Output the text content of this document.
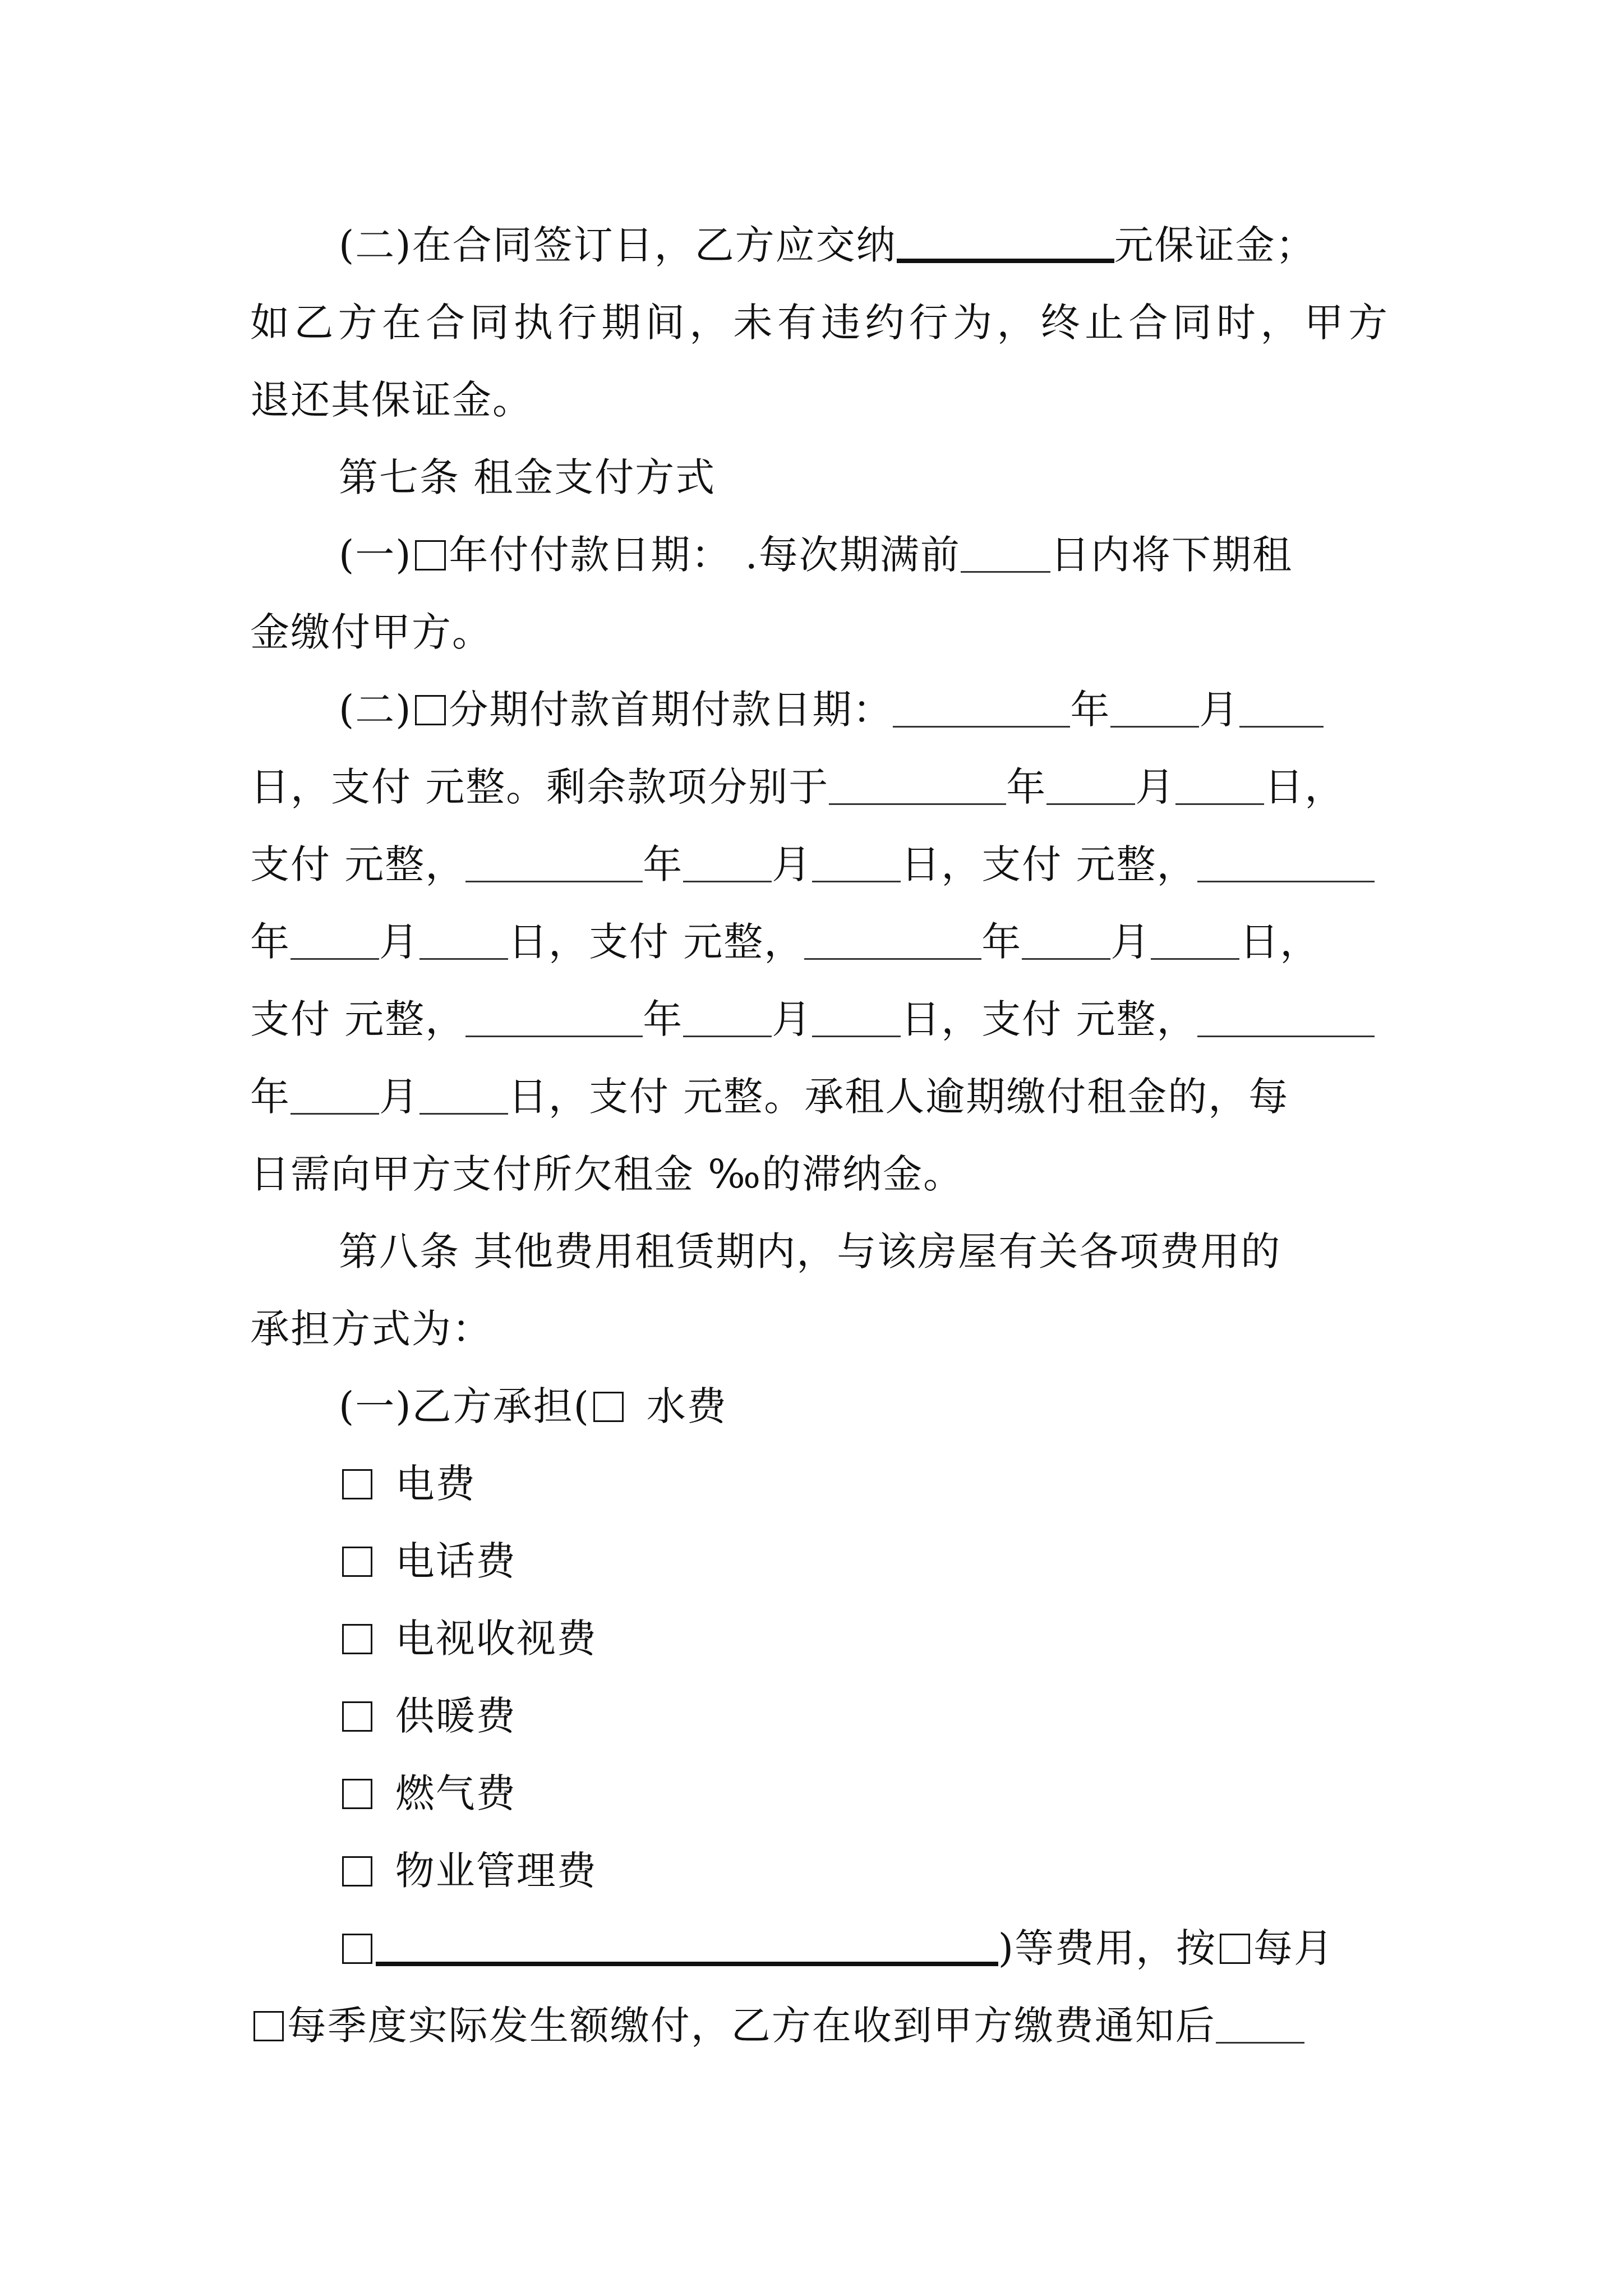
(二)在合同签订日，乙方应交纳	元保证金；
如乙方在合同执行期间，未有违约行为，终止合同时，甲方
退还其保证金。
第七条 租金支付方式
(一) 年付付款日期： .每次期满前 日内将下期租
金缴付甲方。
(二) 分期付款首期付款日期：	年 月
日，支付 元整。剩余款项分别于	年 月 日，
支付 元整，	年 月 日，支付 元整，
年 月 日，支付 元整，	年 月 日，
支付 元整，	年 月 日，支付 元整，
年 月 日，支付 元整。承租人逾期缴付租金的，每
日需向甲方支付所欠租金 ‰的滞纳金。
第八条 其他费用租赁期内，与该房屋有关各项费用的
承担方式为：
(一)乙方承担( 水费
电费
电话费
电视收视费
供暖费
燃气费
物业管理费
)等费用，按 每月
每季度实际发生额缴付，乙方在收到甲方缴费通知后
